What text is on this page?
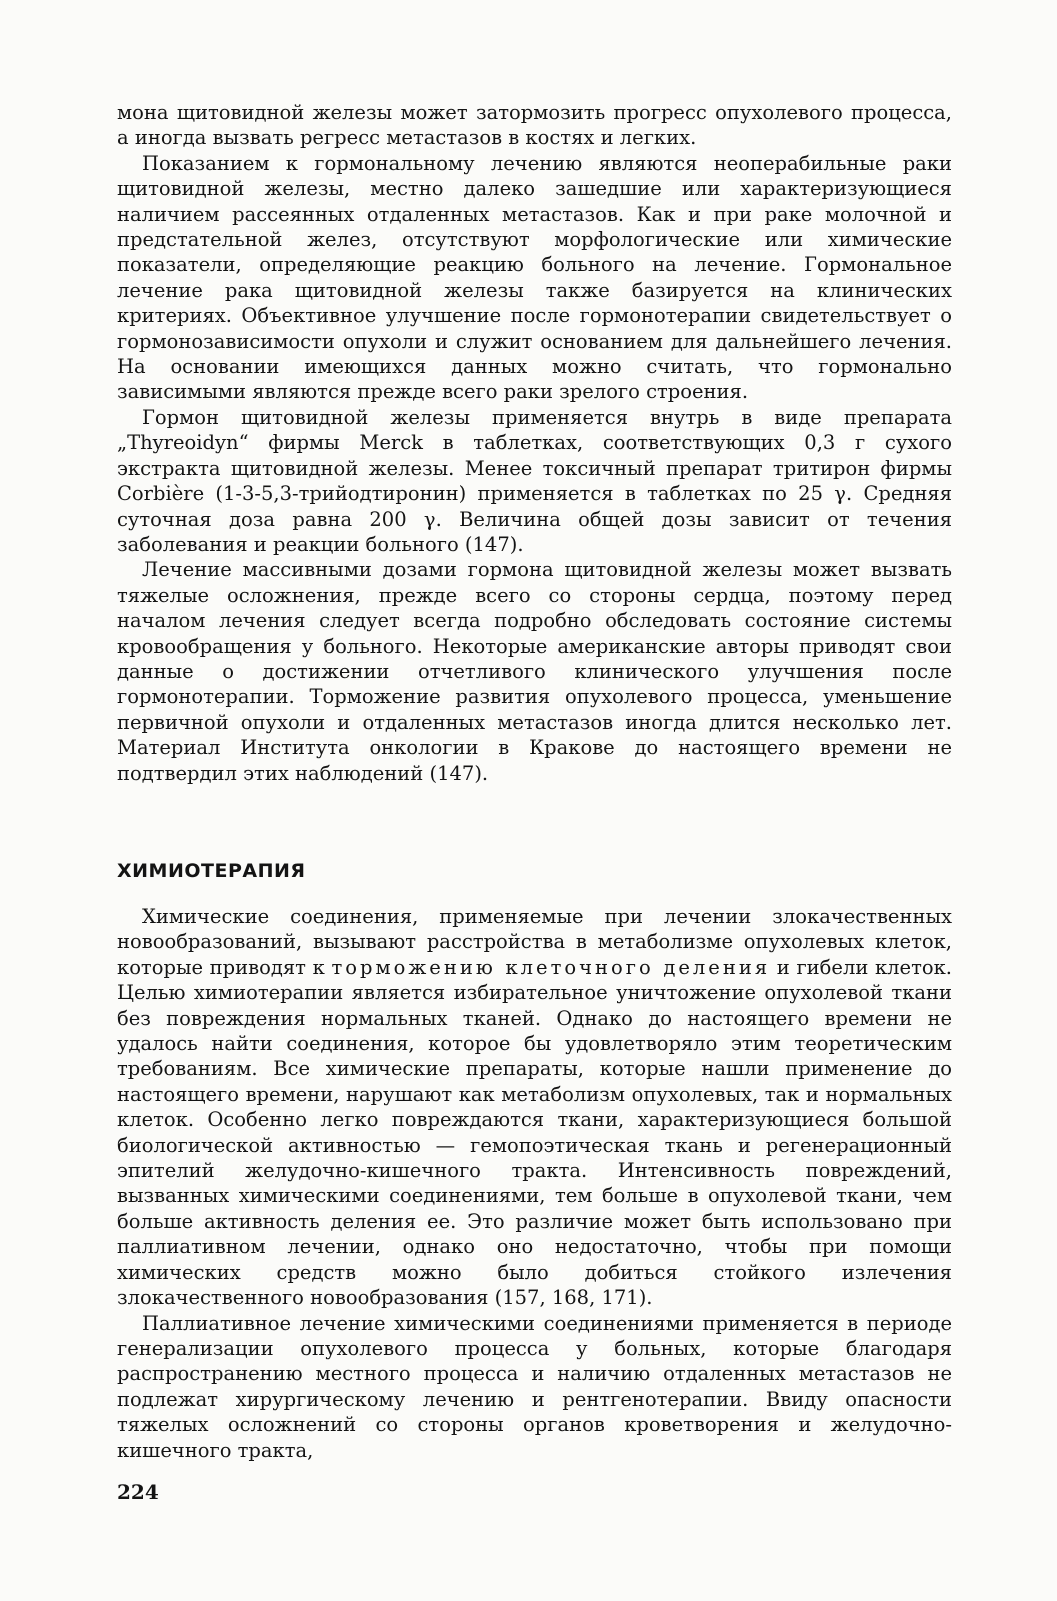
мона щитовидной железы может затормозить прогресс опухолевого процесса, а иногда вызвать регресс метастазов в костях и легких.

Показанием к гормональному лечению являются неоперабильные раки щитовидной железы, местно далеко зашедшие или характеризующиеся наличием рассеянных отдаленных метастазов. Как и при раке молочной и предстательной желез, отсутствуют морфологические или химические показатели, определяющие реакцию больного на лечение. Гормональное лечение рака щитовидной железы также базируется на клинических критериях. Объективное улучшение после гормонотерапии свидетельствует о гормонозависимости опухоли и служит основанием для дальнейшего лечения. На основании имеющихся данных можно считать, что гормонально зависимыми являются прежде всего раки зрелого строения.

Гормон щитовидной железы применяется внутрь в виде препарата „Thyreoidyn“ фирмы Merck в таблетках, соответствующих 0,3 г сухого экстракта щитовидной железы. Менее токсичный препарат тритирон фирмы Corbière (1-3-5,3-трийодтиронин) применяется в таблетках по 25 γ. Средняя суточная доза равна 200 γ. Величина общей дозы зависит от течения заболевания и реакции больного (147).

Лечение массивными дозами гормона щитовидной железы может вызвать тяжелые осложнения, прежде всего со стороны сердца, поэтому перед началом лечения следует всегда подробно обследовать состояние системы кровообращения у больного. Некоторые американские авторы приводят свои данные о достижении отчетливого клинического улучшения после гормонотерапии. Торможение развития опухолевого процесса, уменьшение первичной опухоли и отдаленных метастазов иногда длится несколько лет. Материал Института онкологии в Кракове до настоящего времени не подтвердил этих наблюдений (147).

ХИМИОТЕРАПИЯ

Химические соединения, применяемые при лечении злокачественных новообразований, вызывают расстройства в метаболизме опухолевых клеток, которые приводят к торможению клеточного деления и гибели клеток. Целью химиотерапии является избирательное уничтожение опухолевой ткани без повреждения нормальных тканей. Однако до настоящего времени не удалось найти соединения, которое бы удовлетворяло этим теоретическим требованиям. Все химические препараты, которые нашли применение до настоящего времени, нарушают как метаболизм опухолевых, так и нормальных клеток. Особенно легко повреждаются ткани, характеризующиеся большой биологической активностью — гемопоэтическая ткань и регенерационный эпителий желудочно-кишечного тракта. Интенсивность повреждений, вызванных химическими соединениями, тем больше в опухолевой ткани, чем больше активность деления ее. Это различие может быть использовано при паллиативном лечении, однако оно недостаточно, чтобы при помощи химических средств можно было добиться стойкого излечения злокачественного новообразования (157, 168, 171).

Паллиативное лечение химическими соединениями применяется в периоде генерализации опухолевого процесса у больных, которые благодаря распространению местного процесса и наличию отдаленных метастазов не подлежат хирургическому лечению и рентгенотерапии. Ввиду опасности тяжелых осложнений со стороны органов кроветворения и желудочно-кишечного тракта,

224
